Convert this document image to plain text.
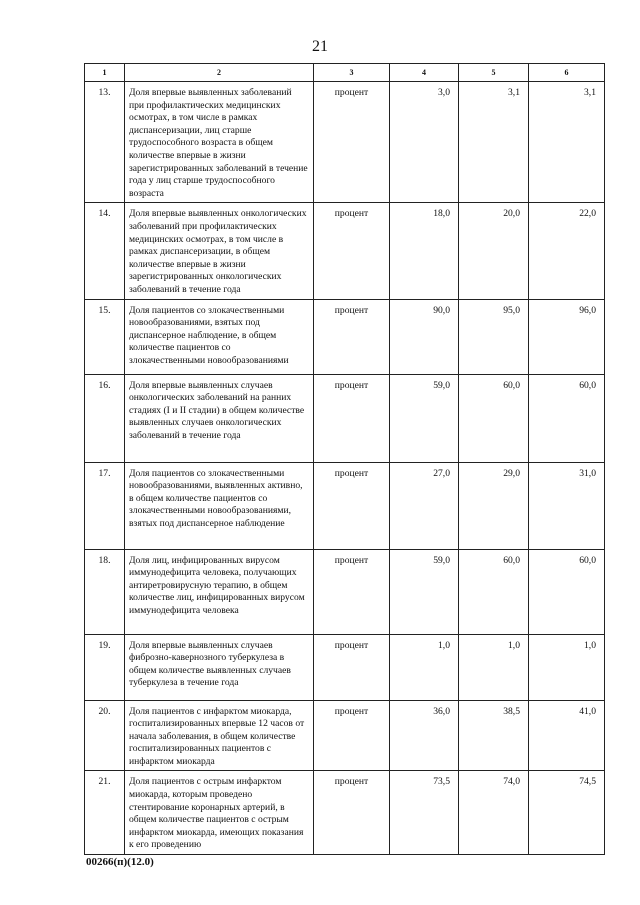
21
1	2	3	4	5	6
13.	Доля впервые выявленных заболеваний при профилактических медицинских осмотрах, в том числе в рамках диспансеризации, лиц старше трудоспособного возраста в общем количестве впервые в жизни зарегистрированных заболеваний в течение года у лиц старше трудоспособного возраста	процент	3,0	3,1	3,1
14.	Доля впервые выявленных онкологических заболеваний при профилактических медицинских осмотрах, в том числе в рамках диспансеризации, в общем количестве впервые в жизни зарегистрированных онкологических заболеваний в течение года	процент	18,0	20,0	22,0
15.	Доля пациентов со злокачественными новообразованиями, взятых под диспансерное наблюдение, в общем количестве пациентов со злокачественными новообразованиями	процент	90,0	95,0	96,0
16.	Доля впервые выявленных случаев онкологических заболеваний на ранних стадиях (I и II стадии) в общем количестве выявленных случаев онкологических заболеваний в течение года	процент	59,0	60,0	60,0
17.	Доля пациентов со злокачественными новообразованиями, выявленных активно, в общем количестве пациентов со злокачественными новообразованиями, взятых под диспансерное наблюдение	процент	27,0	29,0	31,0
18.	Доля лиц, инфицированных вирусом иммунодефицита человека, получающих антиретровирусную терапию, в общем количестве лиц, инфицированных вирусом иммунодефицита человека	процент	59,0	60,0	60,0
19.	Доля впервые выявленных случаев фиброзно-кавернозного туберкулеза в общем количестве выявленных случаев туберкулеза в течение года	процент	1,0	1,0	1,0
20.	Доля пациентов с инфарктом миокарда, госпитализированных впервые 12 часов от начала заболевания, в общем количестве госпитализированных пациентов с инфарктом миокарда	процент	36,0	38,5	41,0
21.	Доля пациентов с острым инфарктом миокарда, которым проведено стентирование коронарных артерий, в общем количестве пациентов с острым инфарктом миокарда, имеющих показания к его проведению	процент	73,5	74,0	74,5
00266(п)(12.0)
